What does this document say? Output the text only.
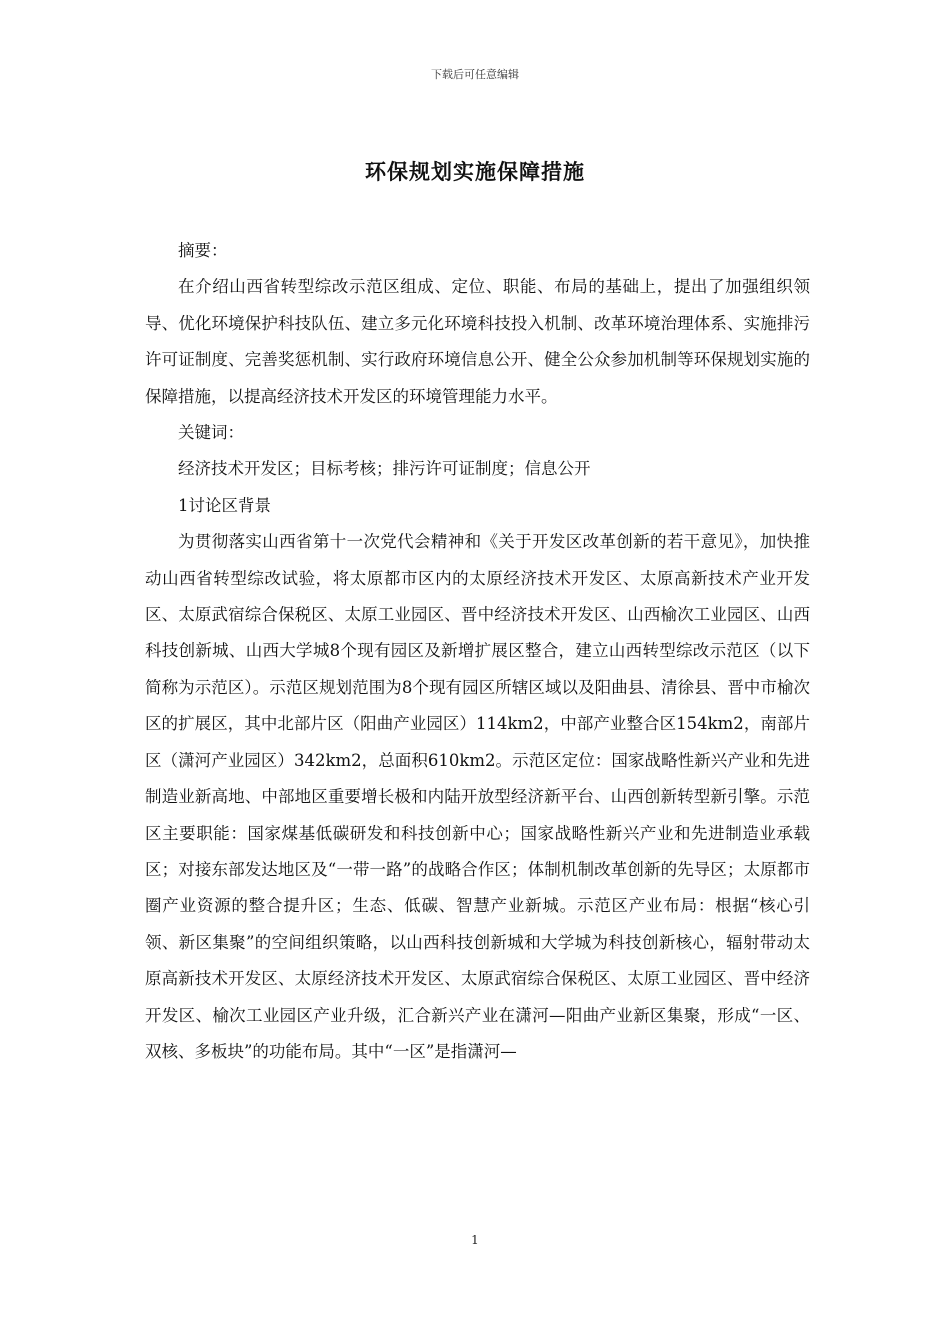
下载后可任意编辑
环保规划实施保障措施

摘要：

在介绍山西省转型综改示范区组成、定位、职能、布局的基础上，提出了加强组织领导、优化环境保护科技队伍、建立多元化环境科技投入机制、改革环境治理体系、实施排污许可证制度、完善奖惩机制、实行政府环境信息公开、健全公众参加机制等环保规划实施的保障措施，以提高经济技术开发区的环境管理能力水平。

关键词：

经济技术开发区；目标考核；排污许可证制度；信息公开

1讨论区背景

为贯彻落实山西省第十一次党代会精神和《关于开发区改革创新的若干意见》，加快推动山西省转型综改试验，将太原都市区内的太原经济技术开发区、太原高新技术产业开发区、太原武宿综合保税区、太原工业园区、晋中经济技术开发区、山西榆次工业园区、山西科技创新城、山西大学城8个现有园区及新增扩展区整合，建立山西转型综改示范区（以下简称为示范区）。示范区规划范围为8个现有园区所辖区域以及阳曲县、清徐县、晋中市榆次区的扩展区，其中北部片区（阳曲产业园区）114km2，中部产业整合区154km2，南部片区（潇河产业园区）342km2，总面积610km2。示范区定位：国家战略性新兴产业和先进制造业新高地、中部地区重要增长极和内陆开放型经济新平台、山西创新转型新引擎。示范区主要职能：国家煤基低碳研发和科技创新中心；国家战略性新兴产业和先进制造业承载区；对接东部发达地区及“一带一路”的战略合作区；体制机制改革创新的先导区；太原都市圈产业资源的整合提升区；生态、低碳、智慧产业新城。示范区产业布局：根据“核心引领、新区集聚”的空间组织策略，以山西科技创新城和大学城为科技创新核心，辐射带动太原高新技术开发区、太原经济技术开发区、太原武宿综合保税区、太原工业园区、晋中经济开发区、榆次工业园区产业升级，汇合新兴产业在潇河—阳曲产业新区集聚，形成“一区、双核、多板块”的功能布局。其中“一区”是指潇河—

1
